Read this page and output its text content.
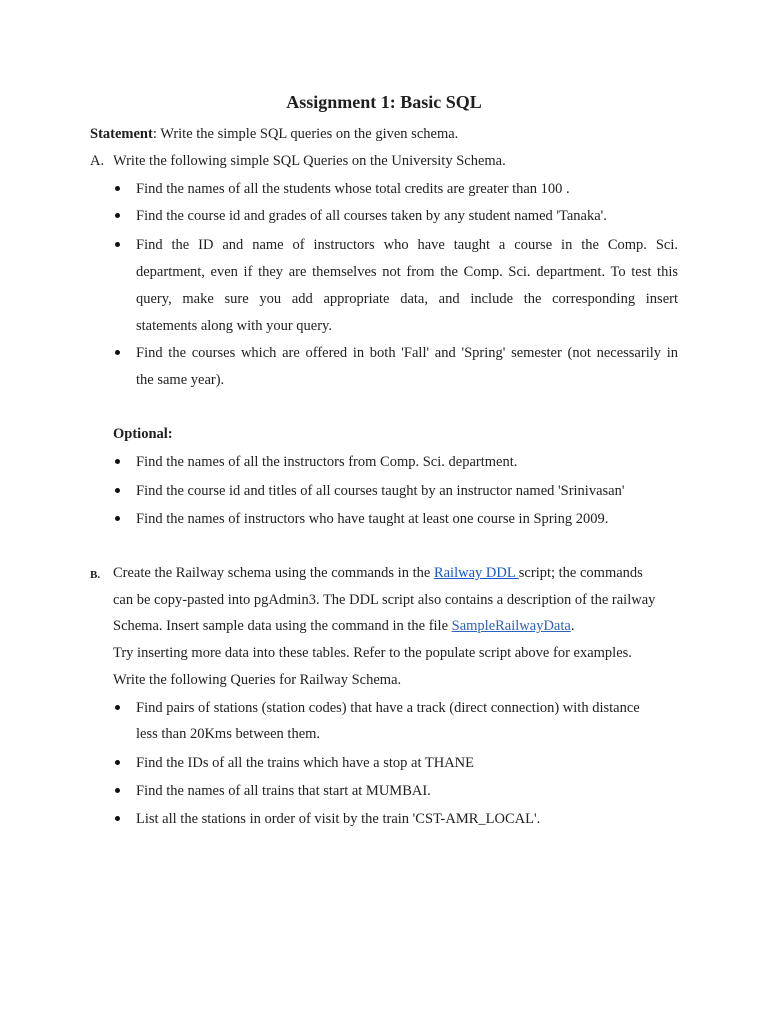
Assignment 1: Basic SQL
Statement: Write the simple SQL queries on the given schema.
A. Write the following simple SQL Queries on the University Schema.
Find the names of all the students whose total credits are greater than 100 .
Find the course id and grades of all courses taken by any student named 'Tanaka'.
Find the ID and name of instructors who have taught a course in the Comp. Sci.
department, even if they are themselves not from the Comp. Sci. department. To test this
query, make sure you add appropriate data, and include the corresponding insert
statements along with your query.
Find the courses which are offered in both 'Fall' and 'Spring' semester (not necessarily in
the same year).
Optional:
Find the names of all the instructors from Comp. Sci. department.
Find the course id and titles of all courses taught by an instructor named 'Srinivasan'
Find the names of instructors who have taught at least one course in Spring 2009.
B. Create the Railway schema using the commands in the Railway DDL script; the commands
can be copy-pasted into pgAdmin3. The DDL script also contains a description of the railway
Schema. Insert sample data using the command in the file SampleRailwayData.
Try inserting more data into these tables. Refer to the populate script above for examples.
Write the following Queries for Railway Schema.
Find pairs of stations (station codes) that have a track (direct connection) with distance
less than 20Kms between them.
Find the IDs of all the trains which have a stop at THANE
Find the names of all trains that start at MUMBAI.
List all the stations in order of visit by the train 'CST-AMR_LOCAL'.
